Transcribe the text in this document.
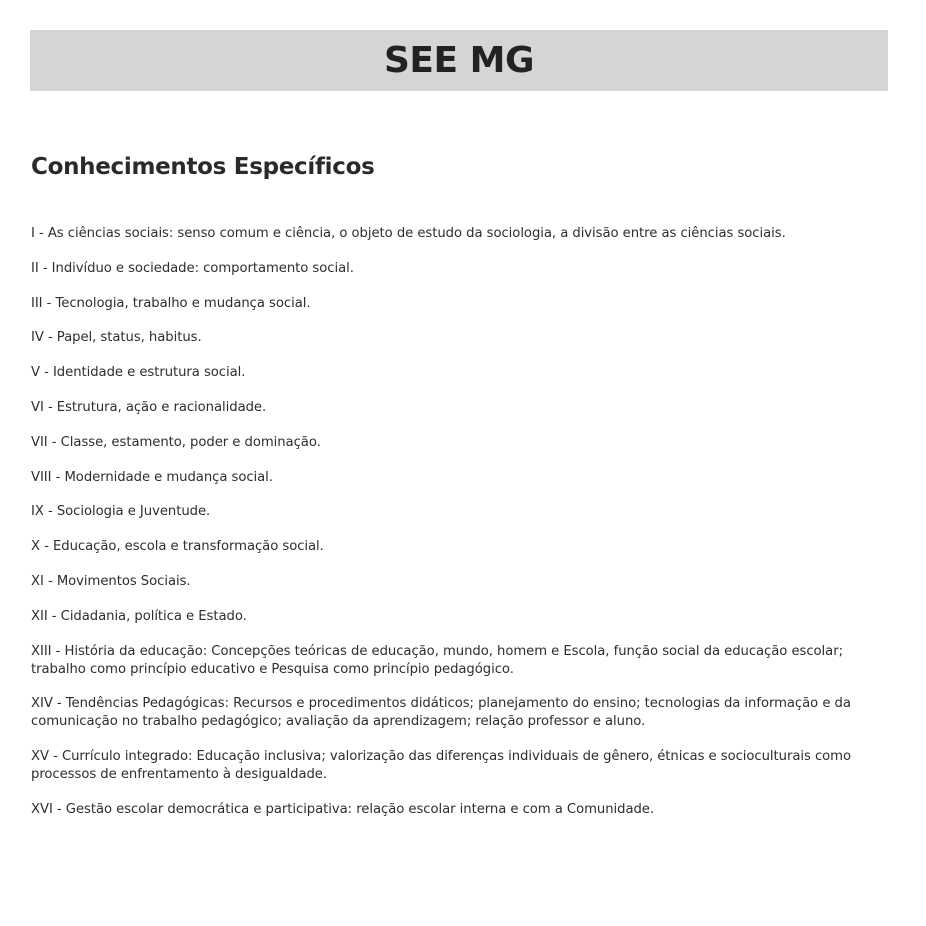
SEE MG
Conhecimentos Específicos
I - As ciências sociais: senso comum e ciência, o objeto de estudo da sociologia, a divisão entre as ciências sociais.
II - Indivíduo e sociedade: comportamento social.
III - Tecnologia, trabalho e mudança social.
IV - Papel, status, habitus.
V - Identidade e estrutura social.
VI - Estrutura, ação e racionalidade.
VII - Classe, estamento, poder e dominação.
VIII - Modernidade e mudança social.
IX - Sociologia e Juventude.
X - Educação, escola e transformação social.
XI - Movimentos Sociais.
XII - Cidadania, política e Estado.
XIII - História da educação: Concepções teóricas de educação, mundo, homem e Escola, função social da educação escolar; trabalho como princípio educativo e Pesquisa como princípio pedagógico.
XIV - Tendências Pedagógicas: Recursos e procedimentos didáticos; planejamento do ensino; tecnologias da informação e da comunicação no trabalho pedagógico; avaliação da aprendizagem; relação professor e aluno.
XV - Currículo integrado: Educação inclusiva; valorização das diferenças individuais de gênero, étnicas e socioculturais como processos de enfrentamento à desigualdade.
XVI - Gestão escolar democrática e participativa: relação escolar interna e com a Comunidade.
